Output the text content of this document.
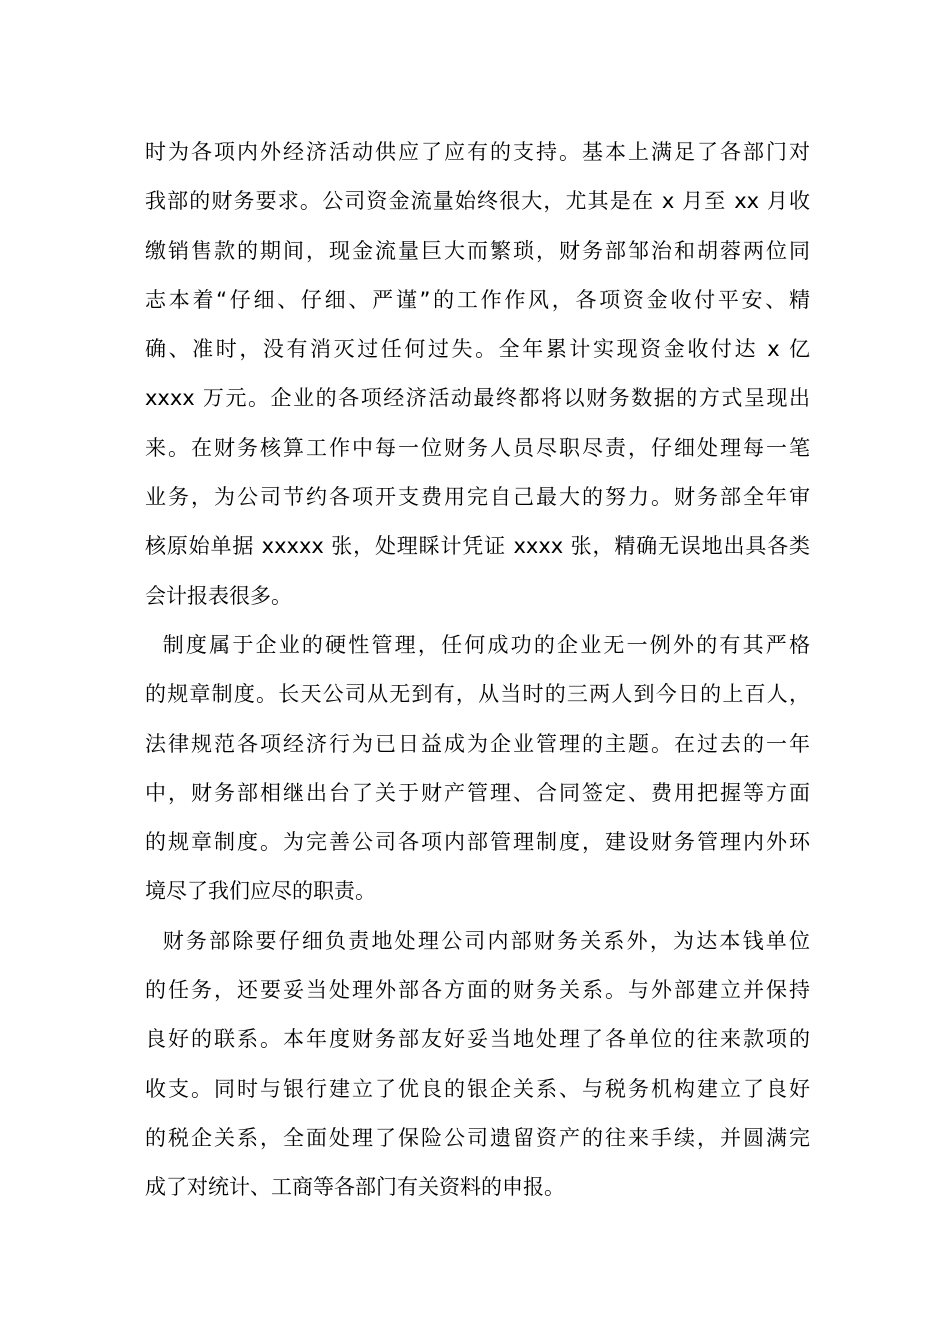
时为各项内外经济活动供应了应有的支持。基本上满足了各部门对
我部的财务要求。公司资金流量始终很大，尤其是在 x 月至 xx 月收
缴销售款的期间，现金流量巨大而繁琐，财务部邹治和胡蓉两位同
志本着“仔细、仔细、严谨”的工作作风，各项资金收付平安、精
确、准时，没有消灭过任何过失。全年累计实现资金收付达 x 亿
xxxx 万元。企业的各项经济活动最终都将以财务数据的方式呈现出
来。在财务核算工作中每一位财务人员尽职尽责，仔细处理每一笔
业务，为公司节约各项开支费用完自己最大的努力。财务部全年审
核原始单据 xxxxx 张，处理睬计凭证 xxxx 张，精确无误地出具各类
会计报表很多。
制度属于企业的硬性管理，任何成功的企业无一例外的有其严格
的规章制度。长天公司从无到有，从当时的三两人到今日的上百人，
法律规范各项经济行为已日益成为企业管理的主题。在过去的一年
中，财务部相继出台了关于财产管理、合同签定、费用把握等方面
的规章制度。为完善公司各项内部管理制度，建设财务管理内外环
境尽了我们应尽的职责。
财务部除要仔细负责地处理公司内部财务关系外，为达本钱单位
的任务，还要妥当处理外部各方面的财务关系。与外部建立并保持
良好的联系。本年度财务部友好妥当地处理了各单位的往来款项的
收支。同时与银行建立了优良的银企关系、与税务机构建立了良好
的税企关系，全面处理了保险公司遗留资产的往来手续，并圆满完
成了对统计、工商等各部门有关资料的申报。
